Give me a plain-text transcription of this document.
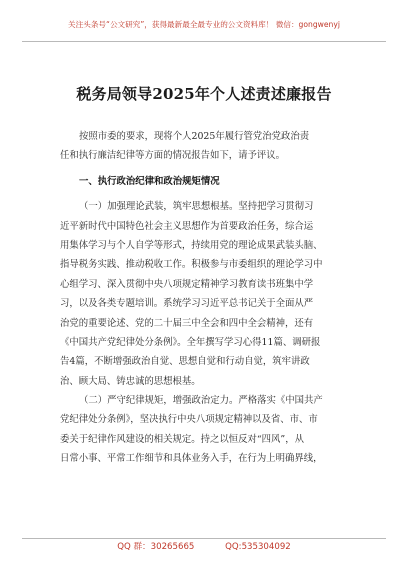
关注头条号“公文研究”，获得最新最全最专业的公文资料库！ 微信：gongwenyj
税务局领导2025年个人述责述廉报告
按照市委的要求，现将个人2025年履行管党治党政治责
任和执行廉洁纪律等方面的情况报告如下，请予评议。
一、执行政治纪律和政治规矩情况
（一）加强理论武装，筑牢思想根基。坚持把学习贯彻习
近平新时代中国特色社会主义思想作为首要政治任务，综合运
用集体学习与个人自学等形式，持续用党的理论成果武装头脑、
指导税务实践、推动税收工作。积极参与市委组织的理论学习中
心组学习、深入贯彻中央八项规定精神学习教育读书班集中学
习，以及各类专题培训。系统学习习近平总书记关于全面从严
治党的重要论述、党的二十届三中全会和四中全会精神，还有
《中国共产党纪律处分条例》。全年撰写学习心得11篇、调研报
告4篇，不断增强政治自觉、思想自觉和行动自觉，筑牢讲政
治、顾大局、铸忠诚的思想根基。
（二）严守纪律规矩，增强政治定力。严格落实《中国共产
党纪律处分条例》，坚决执行中央八项规定精神以及省、市、市
委关于纪律作风建设的相关规定。持之以恒反对“四风”，从
日常小事、平常工作细节和具体业务入手，在行为上明确界线，
QQ 群：30265665	QQ:535304092
